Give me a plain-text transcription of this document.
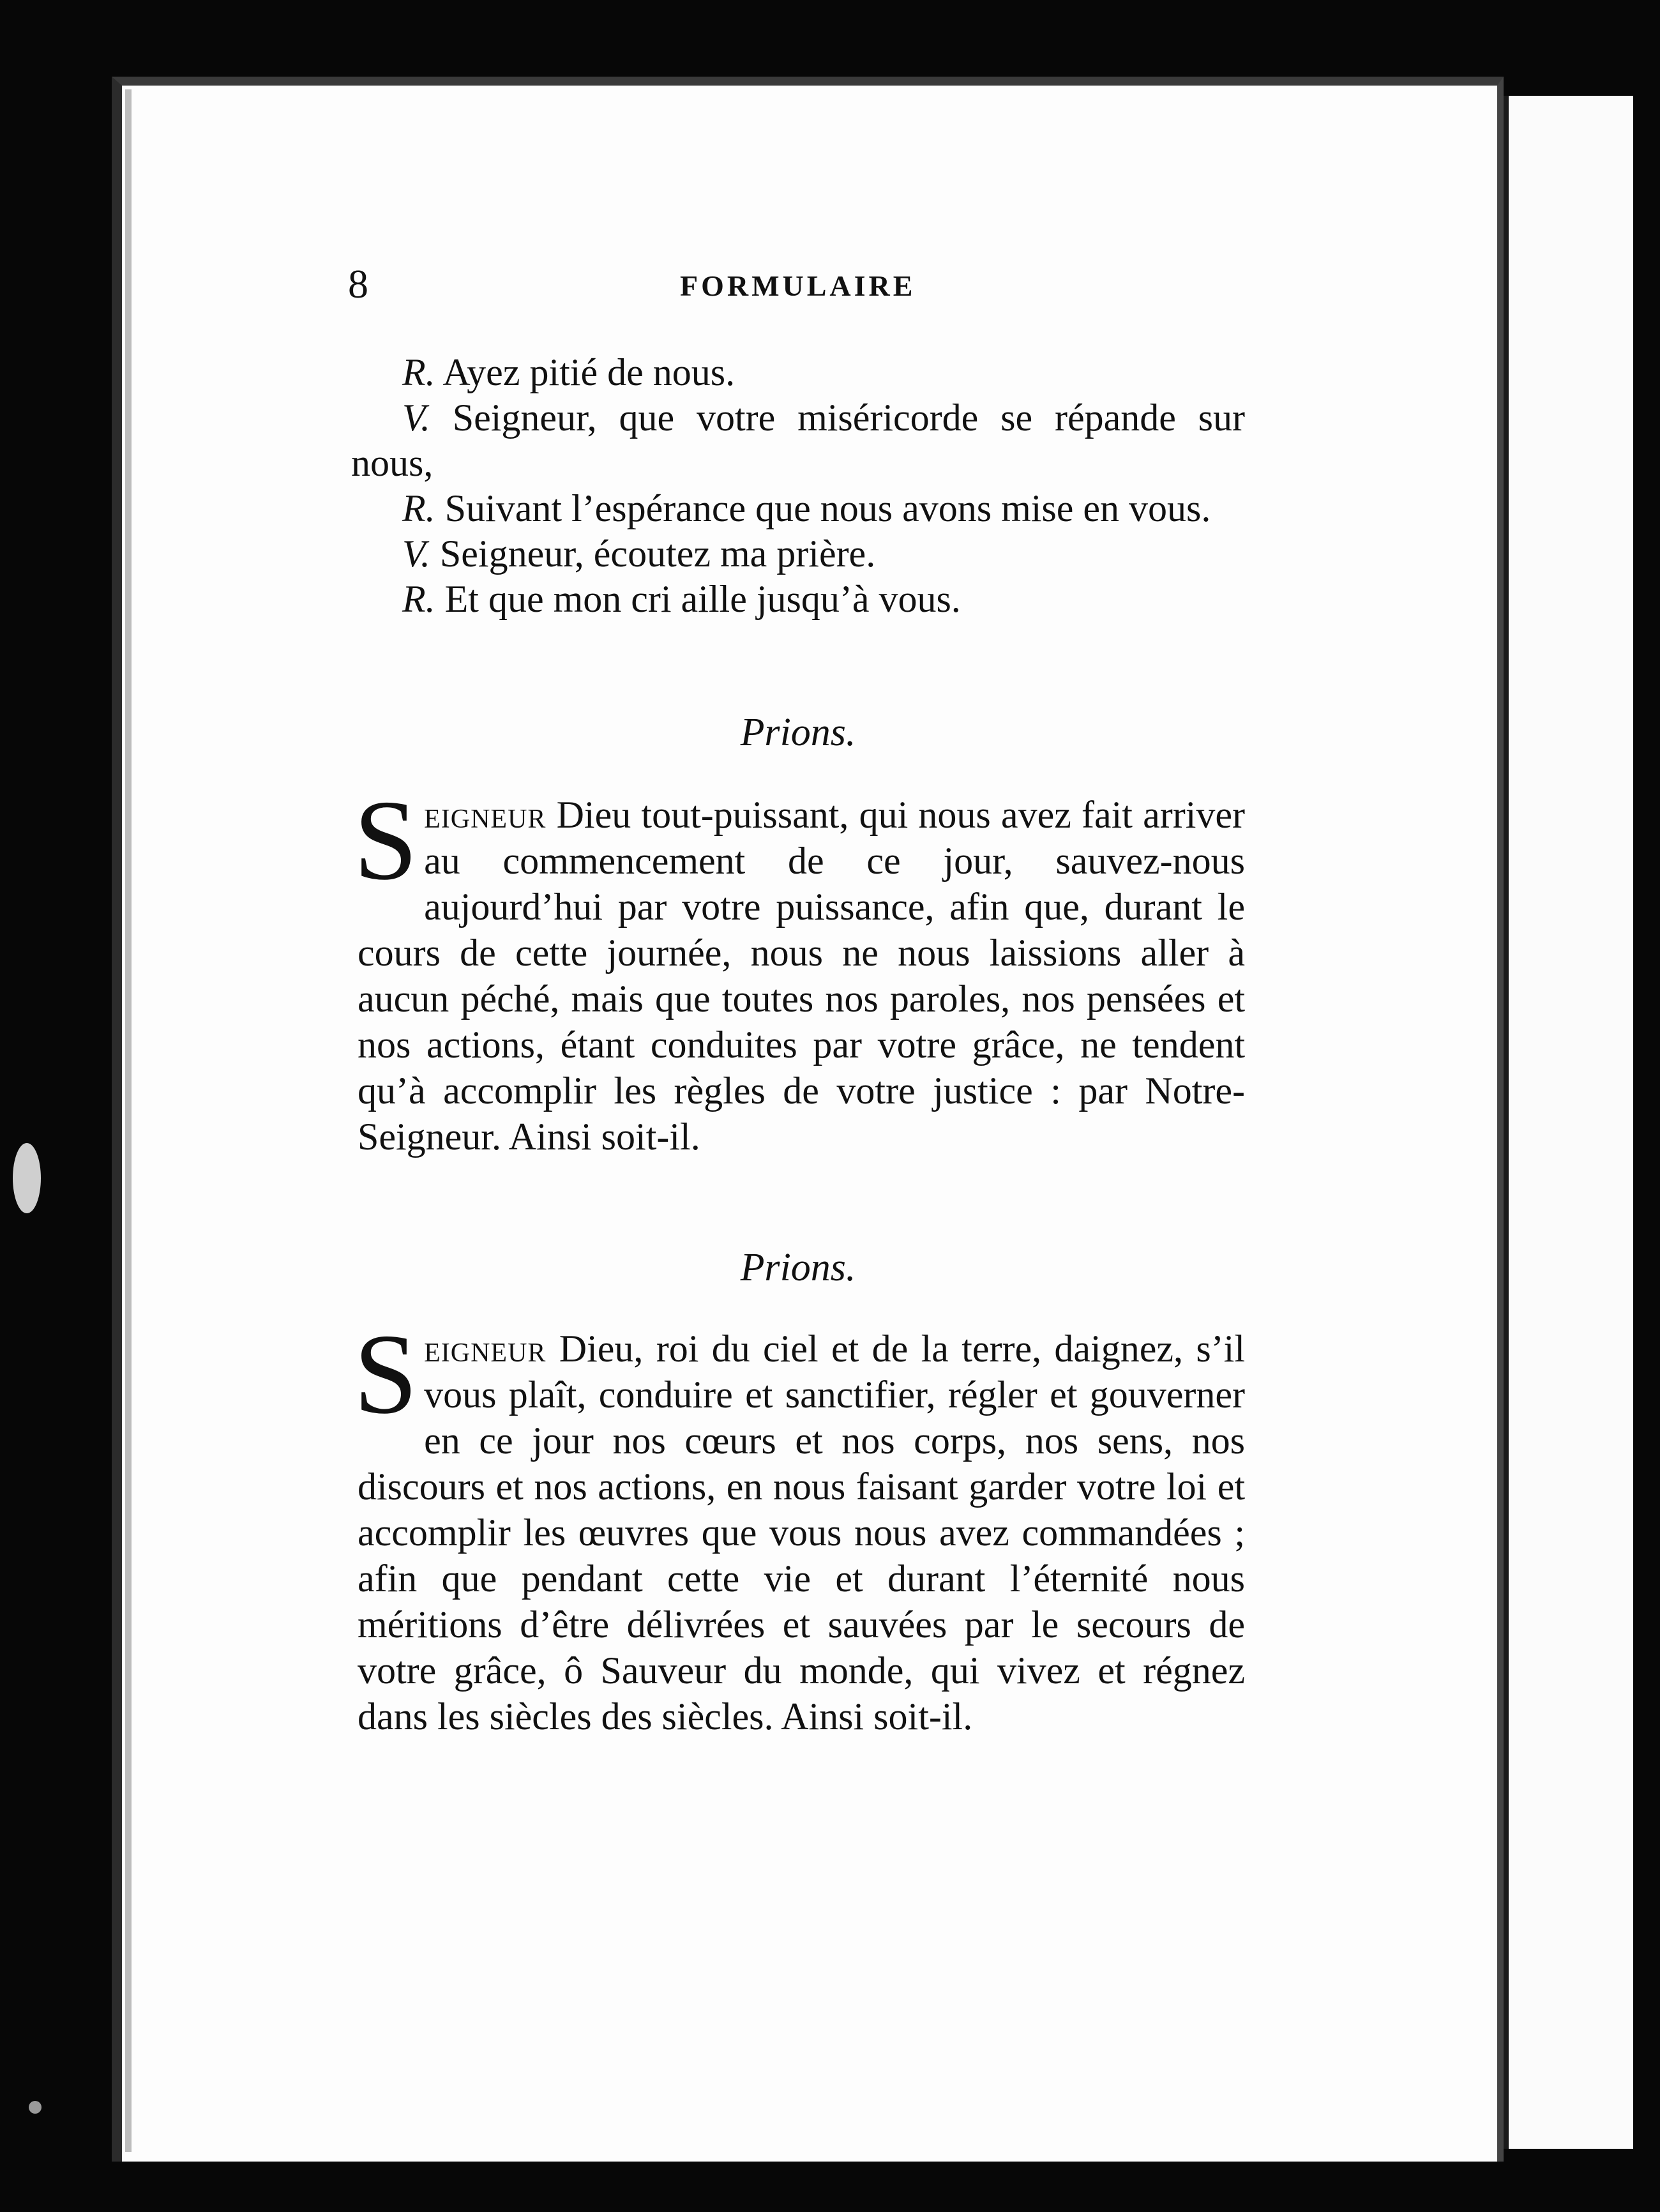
8	FORMULAIRE

R. Ayez pitié de nous.

V. Seigneur, que votre miséricorde se répande sur nous,

R. Suivant l’espérance que nous avons mise en vous.

V. Seigneur, écoutez ma prière.

R. Et que mon cri aille jusqu’à vous.

Prions.

Seigneur Dieu tout-puissant, qui nous avez fait arriver au commencement de ce jour, sauvez-nous aujourd’hui par votre puissance, afin que, durant le cours de cette journée, nous ne nous laissions aller à aucun péché, mais que toutes nos paroles, nos pensées et nos actions, étant conduites par votre grâce, ne tendent qu’à accomplir les règles de votre justice : par Notre-Seigneur. Ainsi soit-il.

Prions.

Seigneur Dieu, roi du ciel et de la terre, daignez, s’il vous plaît, conduire et sanctifier, régler et gouverner en ce jour nos cœurs et nos corps, nos sens, nos discours et nos actions, en nous faisant garder votre loi et accomplir les œuvres que vous nous avez commandées ; afin que pendant cette vie et durant l’éternité nous méritions d’être délivrées et sauvées par le secours de votre grâce, ô Sauveur du monde, qui vivez et régnez dans les siècles des siècles. Ainsi soit-il.
